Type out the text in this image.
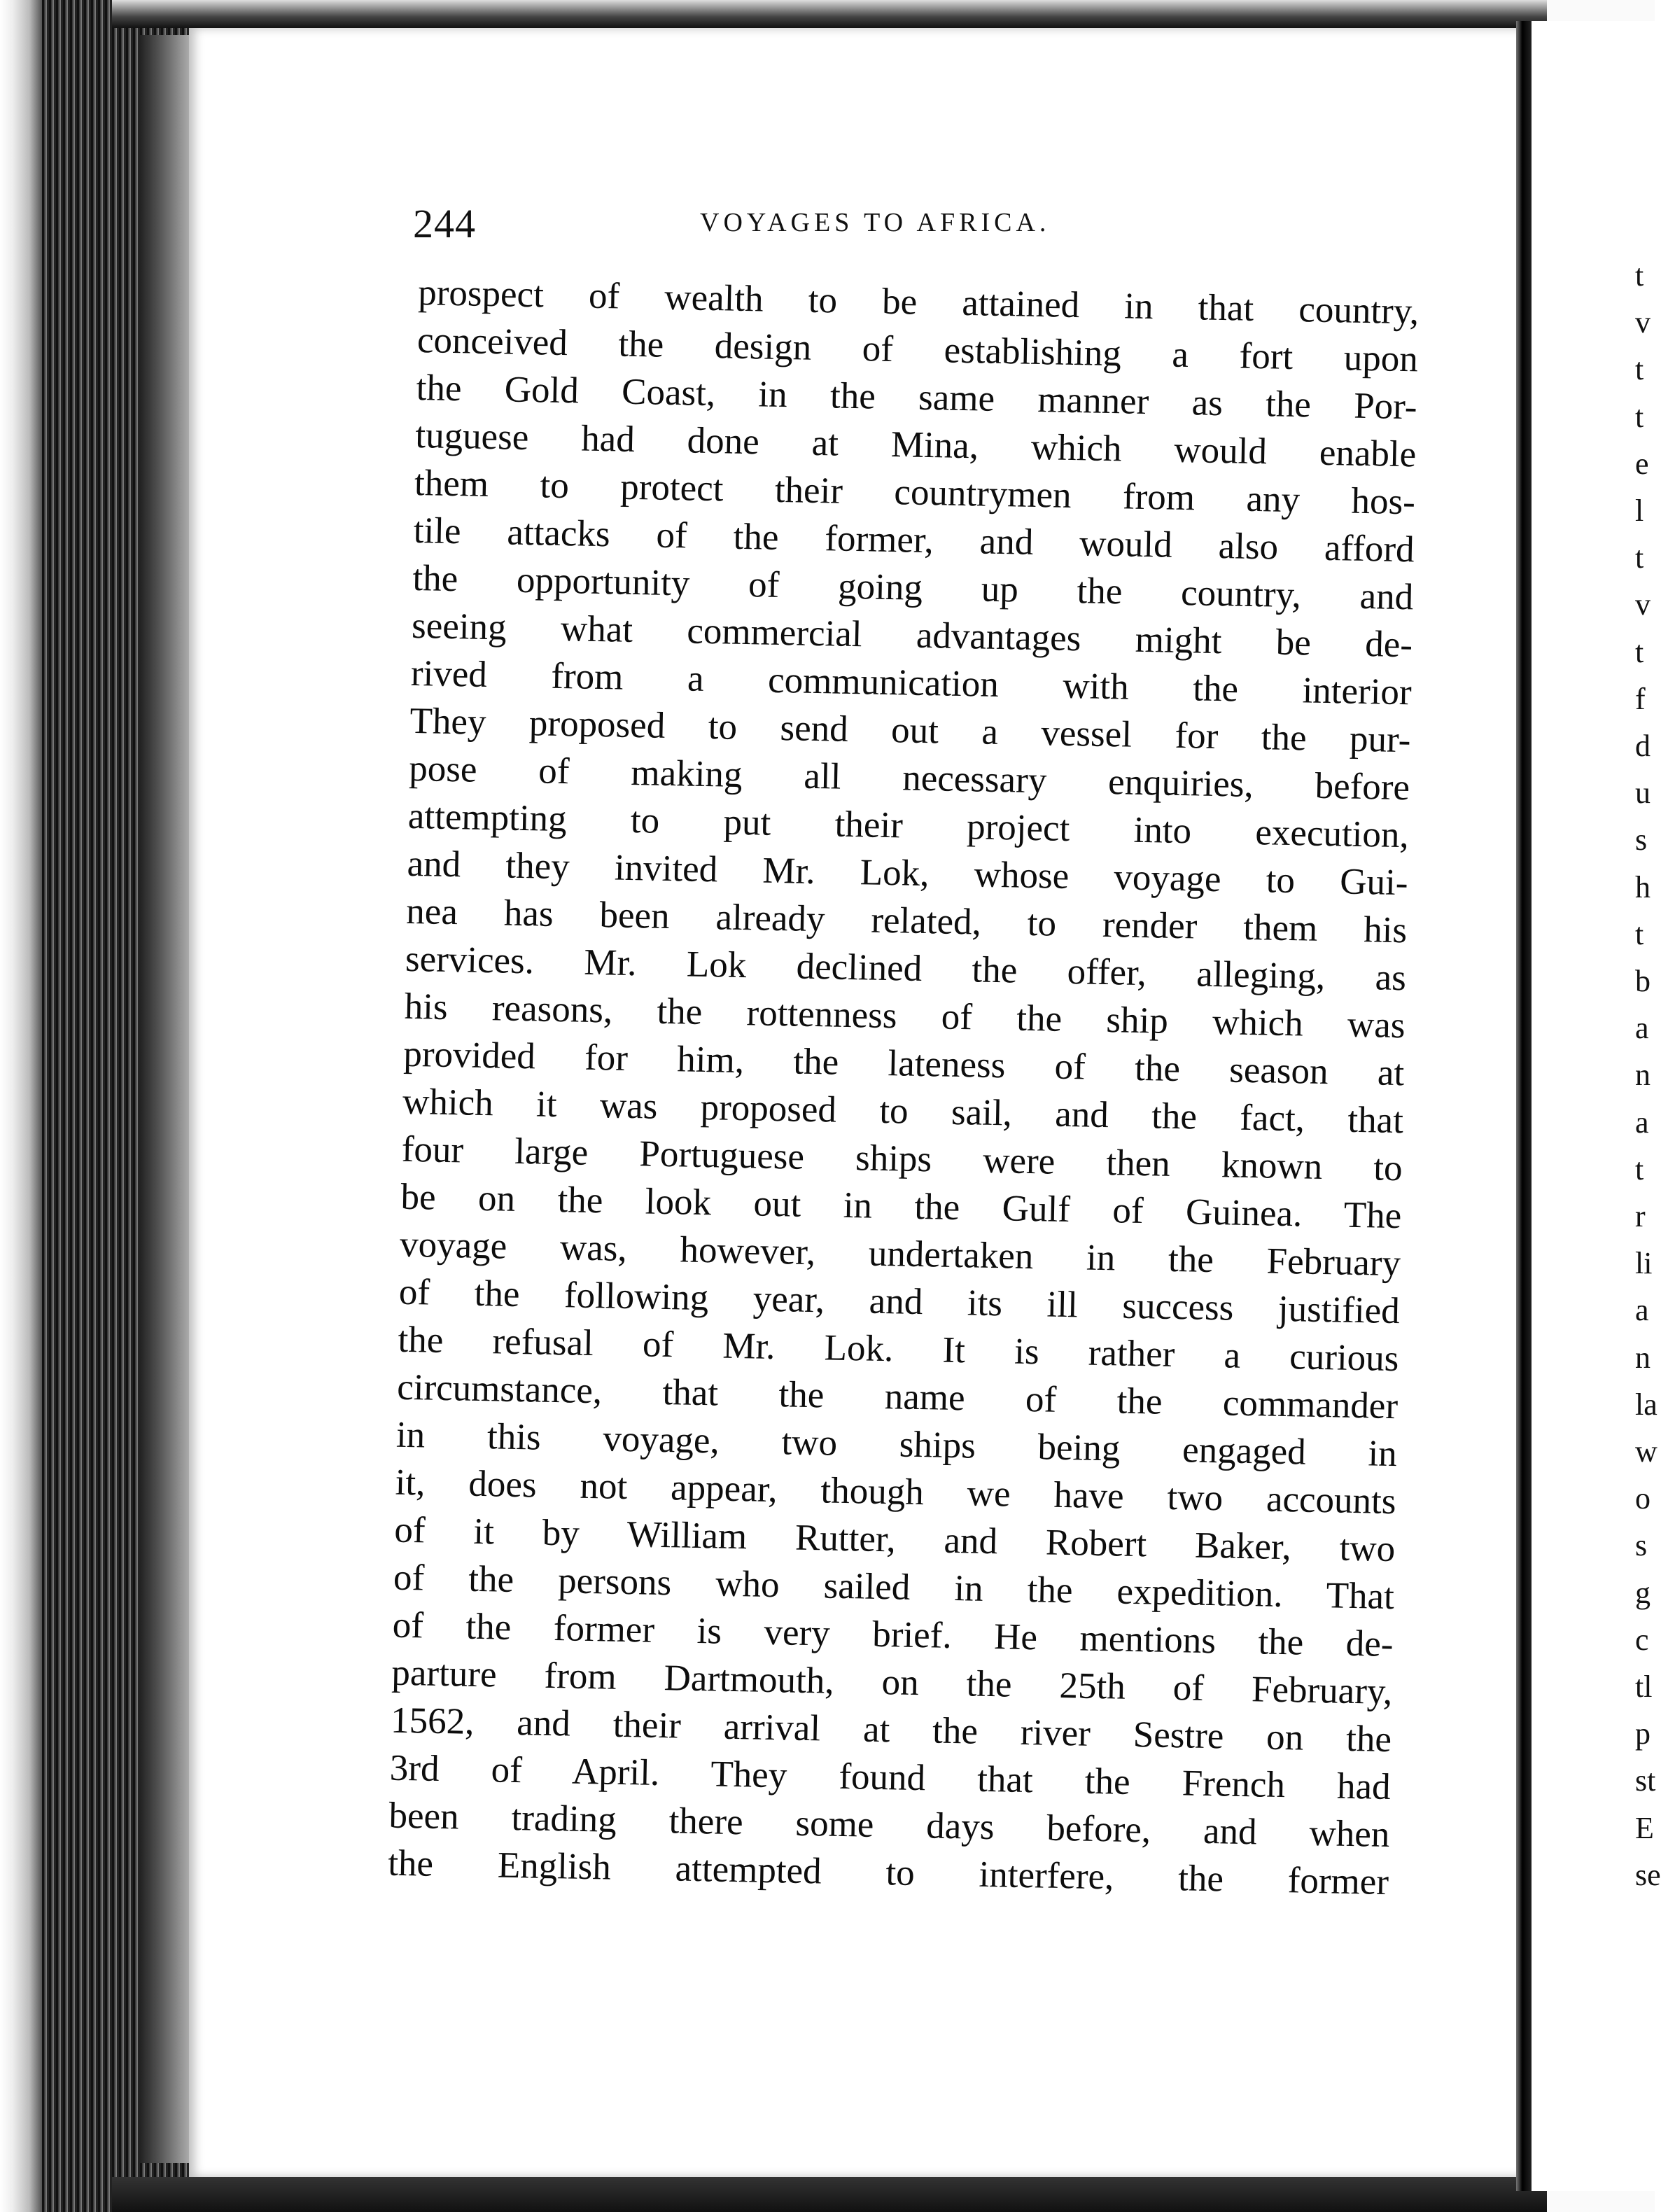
t
v
t
t
e
l
t
v
t
f
d
u
s
h
t
b
a
n
a
t
r
li
a
n
la
w
o
s
g
c
tl
p
st
E
se
244	VOYAGES TO AFRICA.
prospect of wealth to be attained in that country,
conceived the design of establishing a fort upon
the Gold Coast, in the same manner as the Por-
tuguese had done at Mina, which would enable
them to protect their countrymen from any hos-
tile attacks of the former, and would also afford
the opportunity of going up the country, and
seeing what commercial advantages might be de-
rived from a communication with the interior
They proposed to send out a vessel for the pur-
pose of making all necessary enquiries, before
attempting to put their project into execution,
and they invited Mr. Lok, whose voyage to Gui-
nea has been already related, to render them his
services. Mr. Lok declined the offer, alleging, as
his reasons, the rottenness of the ship which was
provided for him, the lateness of the season at
which it was proposed to sail, and the fact, that
four large Portuguese ships were then known to
be on the look out in the Gulf of Guinea. The
voyage was, however, undertaken in the February
of the following year, and its ill success justified
the refusal of Mr. Lok. It is rather a curious
circumstance, that the name of the commander
in this voyage, two ships being engaged in
it, does not appear, though we have two accounts
of it by William Rutter, and Robert Baker, two
of the persons who sailed in the expedition. That
of the former is very brief. He mentions the de-
parture from Dartmouth, on the 25th of February,
1562, and their arrival at the river Sestre on the
3rd of April. They found that the French had
been trading there some days before, and when
the English attempted to interfere, the former
